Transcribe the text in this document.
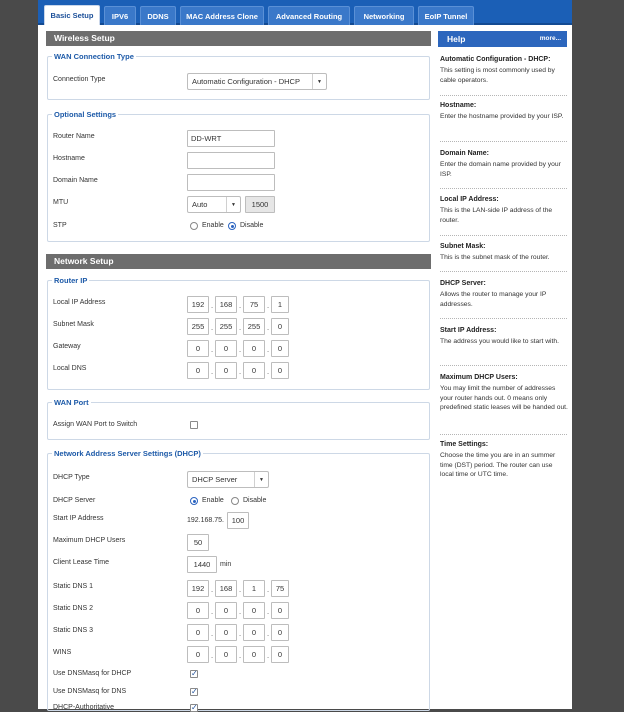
Basic Setup	IPV6	DDNS	MAC Address Clone	Advanced Routing	Networking	EoIP Tunnel
Wireless Setup
WAN Connection Type
Connection Type	Automatic Configuration - DHCP	▼
Optional Settings
Router Name	DD-WRT
Hostname
Domain Name
MTU	Auto	▼	1500
STP	Enable Disable
Network Setup
Router IP
Local IP Address	192 . 168 .	75	.	1
Subnet Mask	255 . 255 . 255 .	0
Gateway	0	.	0	.	0	.	0
Local DNS	0	.	0	.	0	.	0
WAN Port
Assign WAN Port to Switch
Network Address Server Settings (DHCP)
DHCP Type	DHCP Server	▼
DHCP Server	Enable	Disable
Start IP Address	192.168.75.	100
Maximum DHCP Users	50
Client Lease Time	1440	min
Static DNS 1	192 . 168 .	1	. 75
Static DNS 2	0	.	0	.	0	.	0
Static DNS 3	0	.	0	.	0	.	0
WINS	0	.	0	.	0	.	0
Use DNSMasq for DHCP	✓
Use DNSMasq for DNS	✓
DHCP-Authoritative	✓
Help	more...
Automatic Configuration - DHCP:
This setting is most commonly used by cable operators.
Hostname:
Enter the hostname provided by your ISP.
Domain Name:
Enter the domain name provided by your ISP.
Local IP Address:
This is the LAN-side IP address of the router.
Subnet Mask:
This is the subnet mask of the router.
DHCP Server:
Allows the router to manage your IP addresses.
Start IP Address:
The address you would like to start with.
Maximum DHCP Users:
You may limit the number of addresses your router hands out. 0 means only predefined static leases will be handed out.
Time Settings:
Choose the time you are in an summer time (DST) period. The router can use local time or UTC time.
